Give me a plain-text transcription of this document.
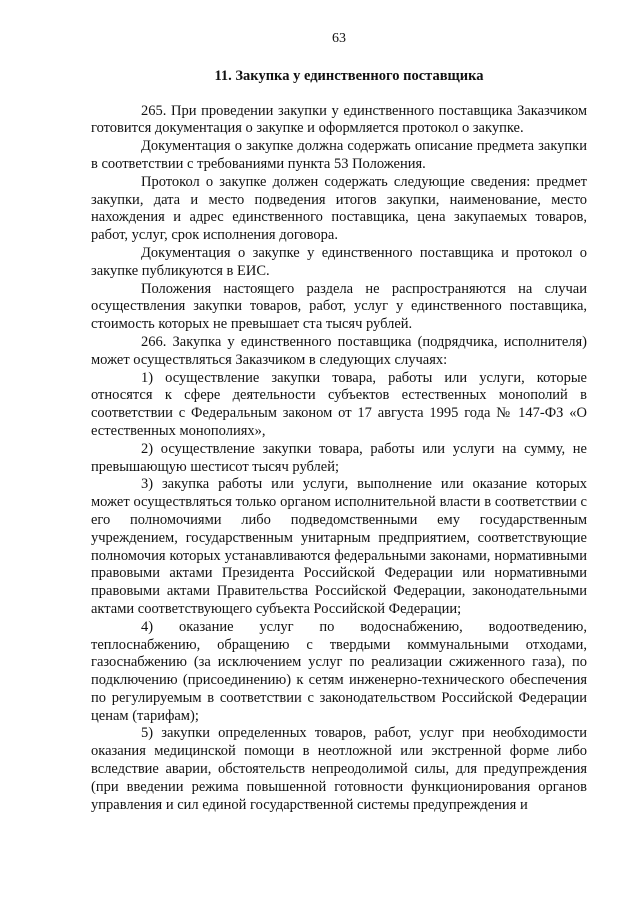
63
11. Закупка у единственного поставщика

265. При проведении закупки у единственного поставщика Заказчиком готовится документация о закупке и оформляется протокол о закупке.

Документация о закупке должна содержать описание предмета закупки в соответствии с требованиями пункта 53 Положения.

Протокол о закупке должен содержать следующие сведения: предмет закупки, дата и место подведения итогов закупки, наименование, место нахождения и адрес единственного поставщика, цена закупаемых товаров, работ, услуг, срок исполнения договора.

Документация о закупке у единственного поставщика и протокол о закупке публикуются в ЕИС.

Положения настоящего раздела не распространяются на случаи осуществления закупки товаров, работ, услуг у единственного поставщика, стоимость которых не превышает ста тысяч рублей.

266. Закупка у единственного поставщика (подрядчика, исполнителя) может осуществляться Заказчиком в следующих случаях:

1) осуществление закупки товара, работы или услуги, которые относятся к сфере деятельности субъектов естественных монополий в соответствии с Федеральным законом от 17 августа 1995 года № 147-ФЗ «О естественных монополиях»,

2) осуществление закупки товара, работы или услуги на сумму, не превышающую шестисот тысяч рублей;

3) закупка работы или услуги, выполнение или оказание которых может осуществляться только органом исполнительной власти в соответствии с его полномочиями либо подведомственными ему государственным учреждением, государственным унитарным предприятием, соответствующие полномочия которых устанавливаются федеральными законами, нормативными правовыми актами Президента Российской Федерации или нормативными правовыми актами Правительства Российской Федерации, законодательными актами соответствующего субъекта Российской Федерации;

4) оказание услуг по водоснабжению, водоотведению, теплоснабжению, обращению с твердыми коммунальными отходами, газоснабжению (за исключением услуг по реализации сжиженного газа), по подключению (присоединению) к сетям инженерно-технического обеспечения по регулируемым в соответствии с законодательством Российской Федерации ценам (тарифам);

5) закупки определенных товаров, работ, услуг при необходимости оказания медицинской помощи в неотложной или экстренной форме либо вследствие аварии, обстоятельств непреодолимой силы, для предупреждения (при введении режима повышенной готовности функционирования органов управления и сил единой государственной системы предупреждения и
